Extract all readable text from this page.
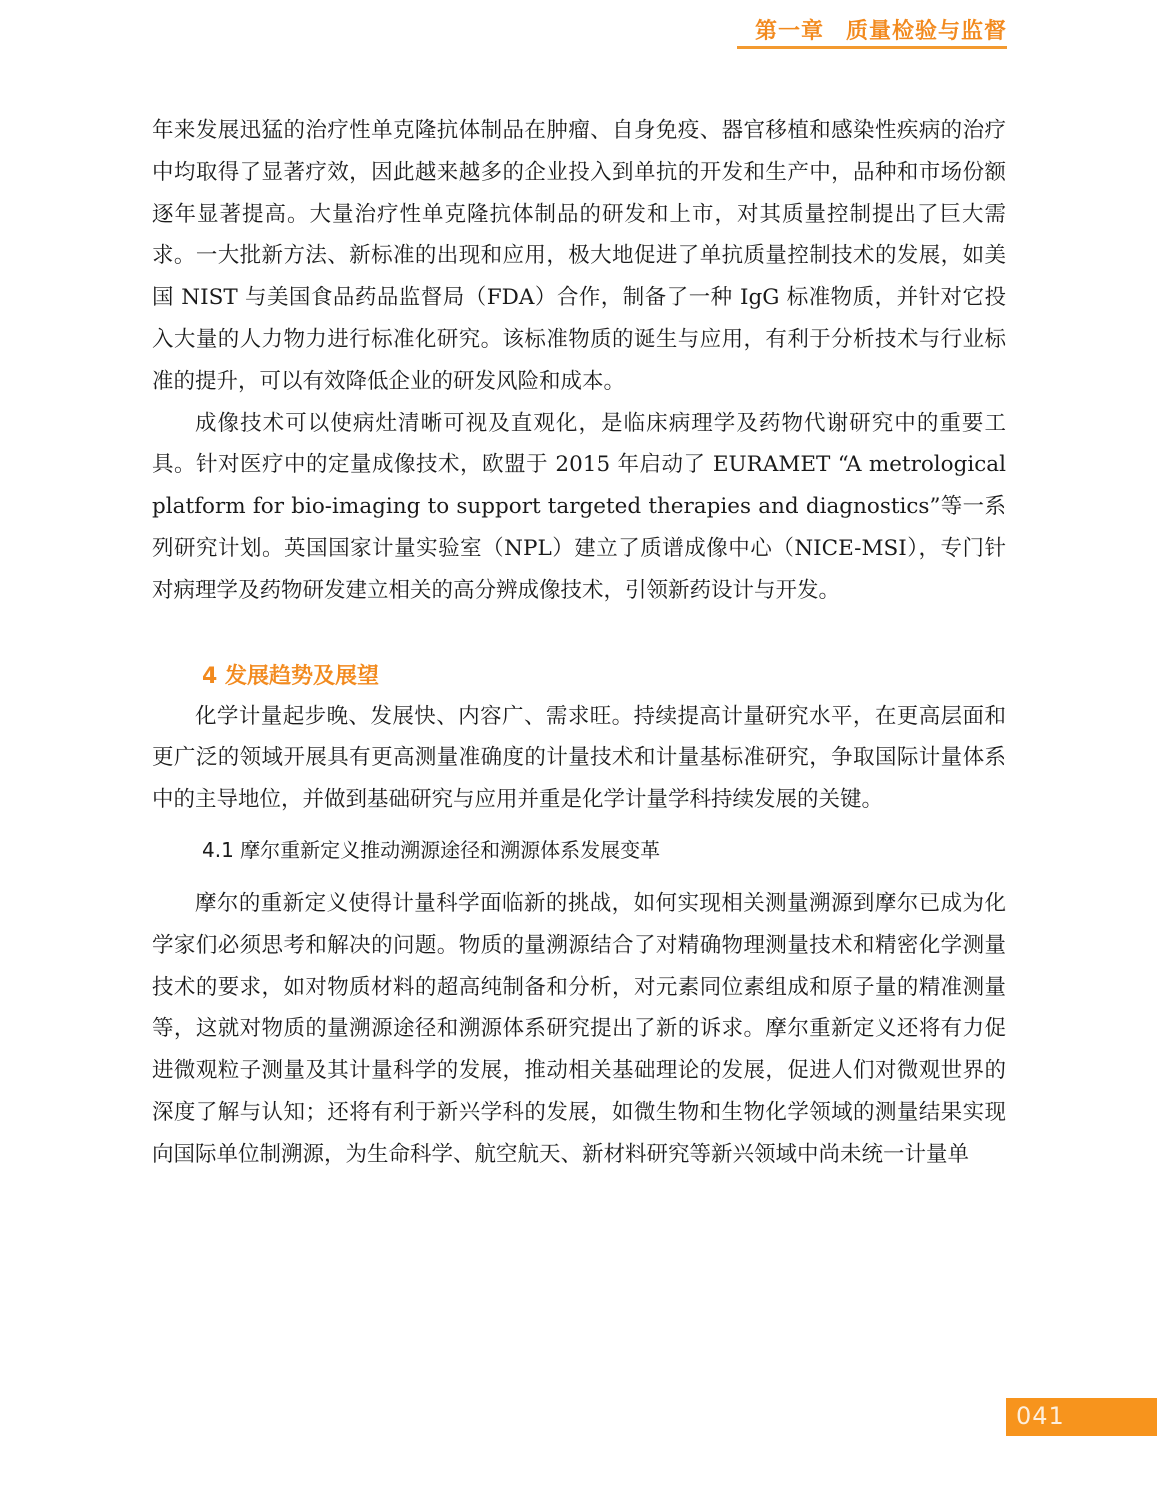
第一章 质量检验与监督

年来发展迅猛的治疗性单克隆抗体制品在肿瘤、自身免疫、器官移植和感染性疾病的治疗中均取得了显著疗效，因此越来越多的企业投入到单抗的开发和生产中，品种和市场份额逐年显著提高。大量治疗性单克隆抗体制品的研发和上市，对其质量控制提出了巨大需求。一大批新方法、新标准的出现和应用，极大地促进了单抗质量控制技术的发展，如美国 NIST 与美国食品药品监督局（FDA）合作，制备了一种 IgG 标准物质，并针对它投入大量的人力物力进行标准化研究。该标准物质的诞生与应用，有利于分析技术与行业标准的提升，可以有效降低企业的研发风险和成本。

成像技术可以使病灶清晰可视及直观化，是临床病理学及药物代谢研究中的重要工具。针对医疗中的定量成像技术，欧盟于 2015 年启动了 EURAMET “A metrological platform for bio-imaging to support targeted therapies and diagnostics”等一系列研究计划。英国国家计量实验室（NPL）建立了质谱成像中心（NICE-MSI），专门针对病理学及药物研发建立相关的高分辨成像技术，引领新药设计与开发。

4 发展趋势及展望

化学计量起步晚、发展快、内容广、需求旺。持续提高计量研究水平，在更高层面和更广泛的领域开展具有更高测量准确度的计量技术和计量基标准研究，争取国际计量体系中的主导地位，并做到基础研究与应用并重是化学计量学科持续发展的关键。

4.1 摩尔重新定义推动溯源途径和溯源体系发展变革

摩尔的重新定义使得计量科学面临新的挑战，如何实现相关测量溯源到摩尔已成为化学家们必须思考和解决的问题。物质的量溯源结合了对精确物理测量技术和精密化学测量技术的要求，如对物质材料的超高纯制备和分析，对元素同位素组成和原子量的精准测量等，这就对物质的量溯源途径和溯源体系研究提出了新的诉求。摩尔重新定义还将有力促进微观粒子测量及其计量科学的发展，推动相关基础理论的发展，促进人们对微观世界的深度了解与认知；还将有利于新兴学科的发展，如微生物和生物化学领域的测量结果实现向国际单位制溯源，为生命科学、航空航天、新材料研究等新兴领域中尚未统一计量单

041
